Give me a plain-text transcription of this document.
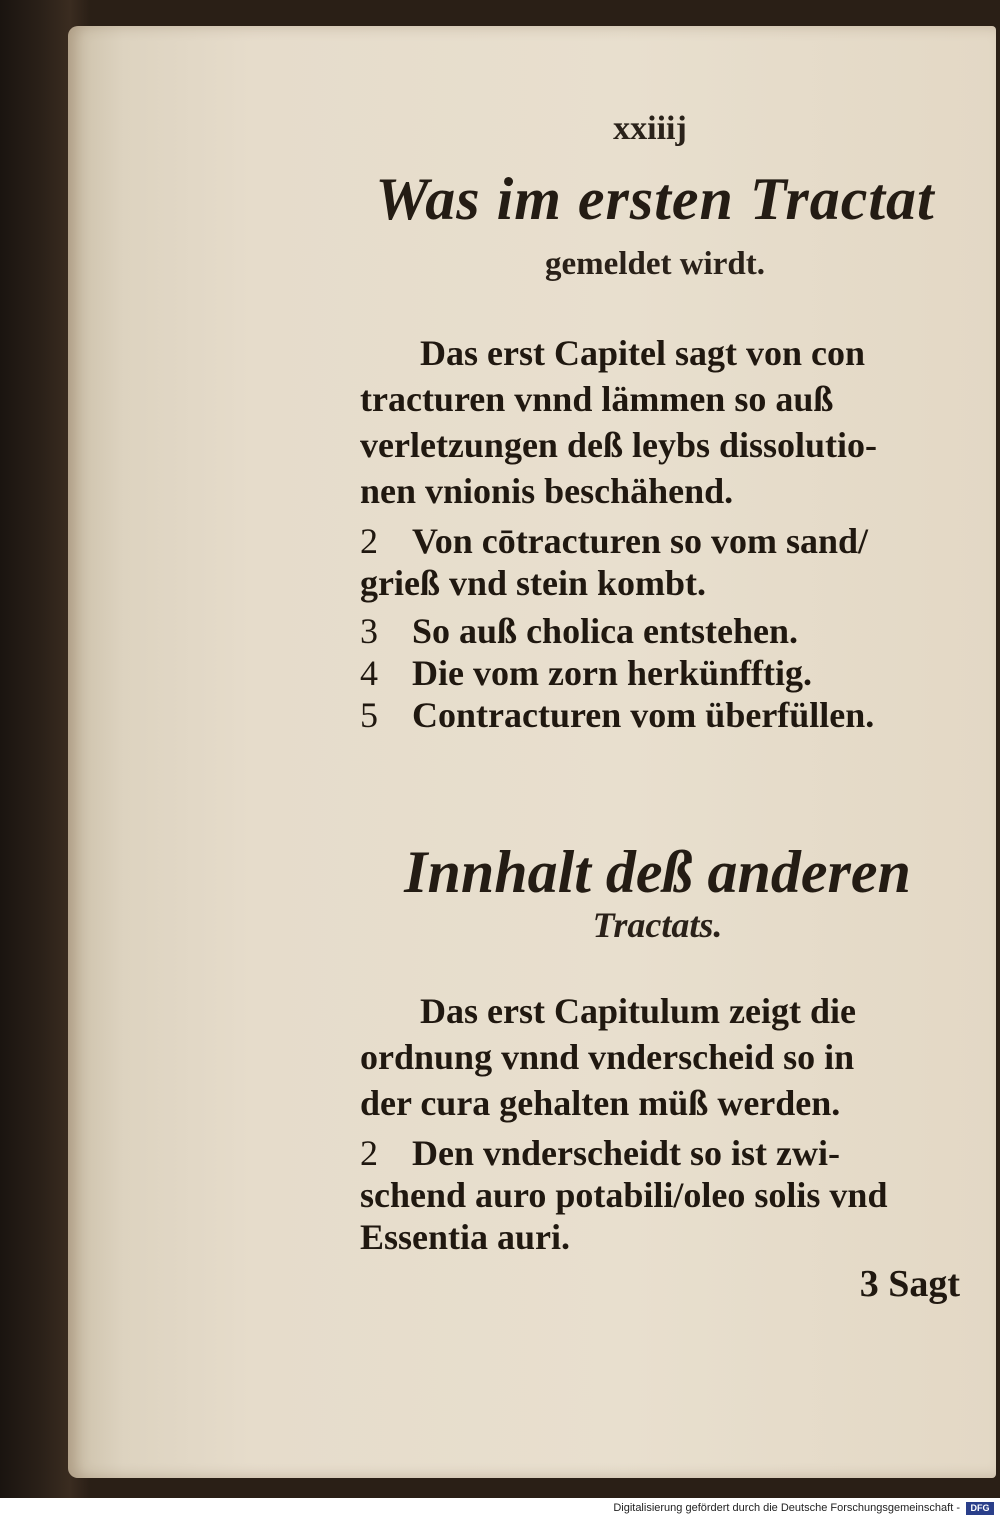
xxiiij
Was im ersten Tractat
gemeldet wirdt.
Das erst Capitel sagt von con
tracturen vnnd lämmen so auß
verletzungen deß leybs dissolutio-
nen vnionis beschähend.
2 Von cōtracturen so vom sand/
grieß vnd stein kombt.
3 So auß cholica entstehen.
4 Die vom zorn herkünfftig.
5 Contracturen vom überfüllen.
Innhalt deß anderen
Tractats.
Das erst Capitulum zeigt die
ordnung vnnd vnderscheid so in
der cura gehalten müß werden.
2 Den vnderscheidt so ist zwi-
schend auro potabili/oleo solis vnd
Essentia auri.
3 Sagt
Digitalisierung gefördert durch die Deutsche Forschungsgemeinschaft -	DFG
